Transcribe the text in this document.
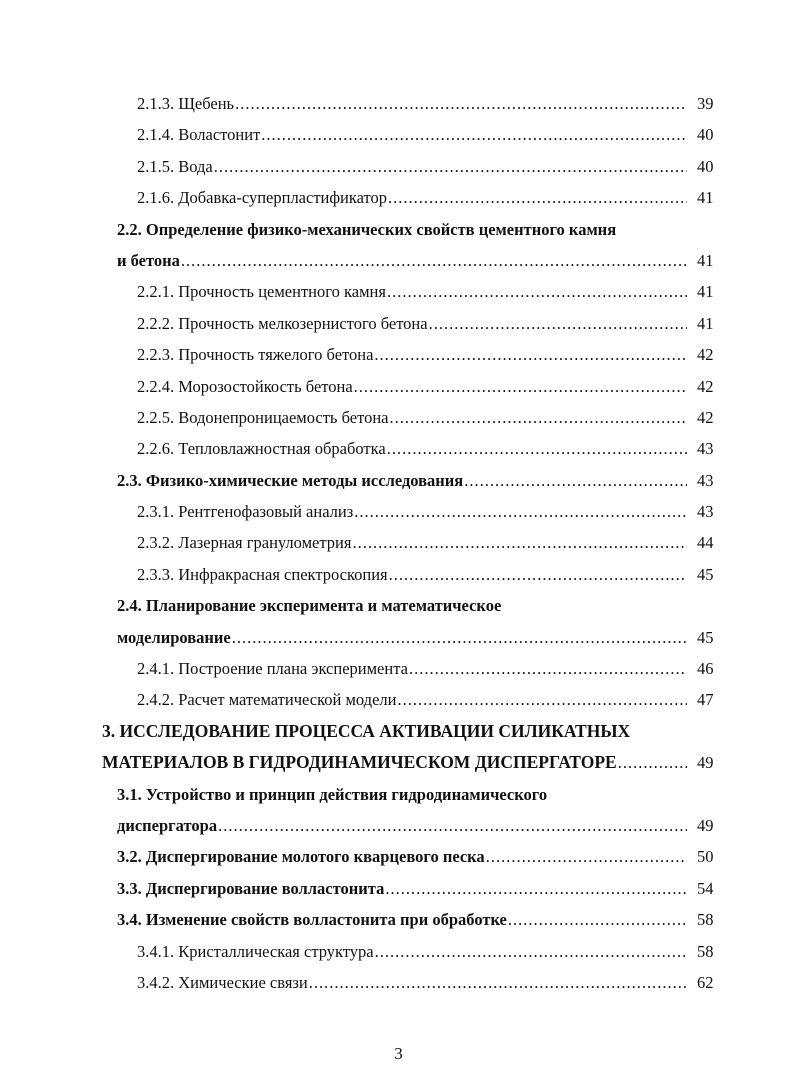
2.1.3. Щебень .....	39
2.1.4. Воластонит .....	40
2.1.5. Вода .....	40
2.1.6. Добавка-суперпластификатор .....	41
2.2. Определение физико-механических свойств цементного камня
и бетона .....	41
2.2.1. Прочность цементного камня .....	41
2.2.2. Прочность мелкозернистого бетона .....	41
2.2.3. Прочность тяжелого бетона .....	42
2.2.4. Морозостойкость бетона .....	42
2.2.5. Водонепроницаемость бетона .....	42
2.2.6. Тепловлажностная обработка .....	43
2.3. Физико-химические методы исследования .....	43
2.3.1. Рентгенофазовый анализ .....	43
2.3.2. Лазерная гранулометрия .....	44
2.3.3. Инфракрасная спектроскопия .....	45
2.4. Планирование эксперимента и математическое
моделирование .....	45
2.4.1. Построение плана эксперимента .....	46
2.4.2. Расчет математической модели .....	47
3. ИССЛЕДОВАНИЕ ПРОЦЕССА АКТИВАЦИИ СИЛИКАТНЫХ
МАТЕРИАЛОВ В ГИДРОДИНАМИЧЕСКОМ ДИСПЕРГАТОРЕ .....	49
3.1. Устройство и принцип действия гидродинамического
диспергатора .....	49
3.2. Диспергирование молотого кварцевого песка .....	50
3.3. Диспергирование волластонита .....	54
3.4. Изменение свойств волластонита при обработке .....	58
3.4.1. Кристаллическая структура .....	58
3.4.2. Химические связи .....	62
3
